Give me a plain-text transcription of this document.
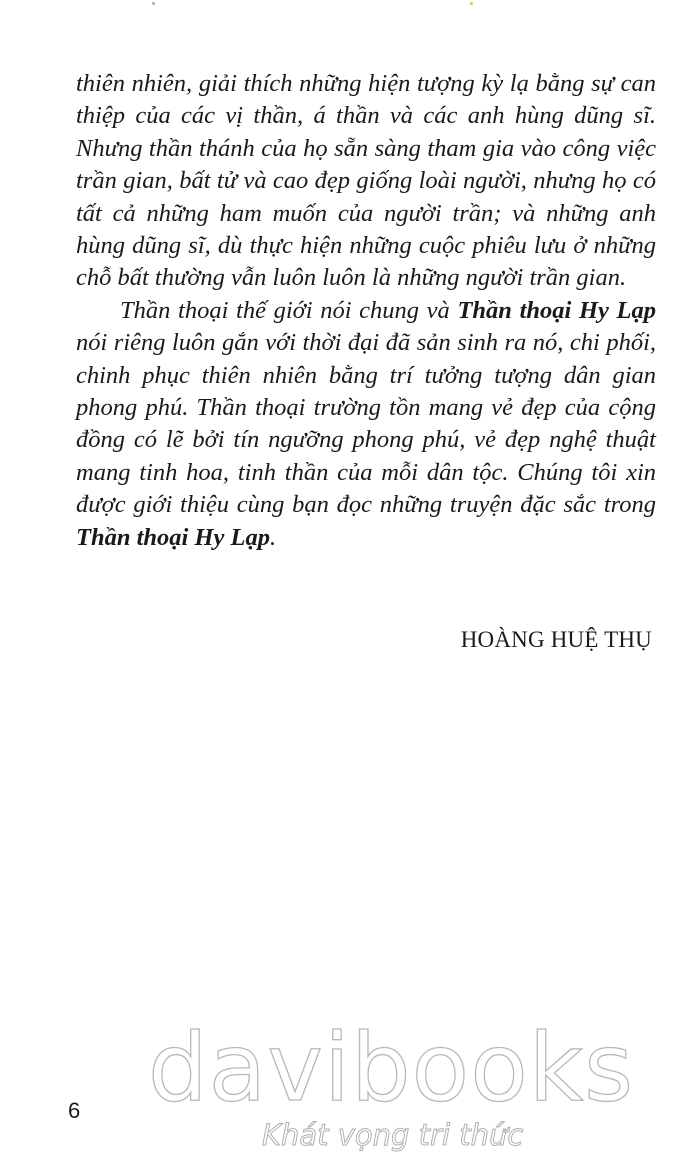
thiên nhiên, giải thích những hiện tượng kỳ lạ bằng sự can thiệp của các vị thần, á thần và các anh hùng dũng sĩ. Nhưng thần thánh của họ sẵn sàng tham gia vào công việc trần gian, bất tử và cao đẹp giống loài người, nhưng họ có tất cả những ham muốn của người trần; và những anh hùng dũng sĩ, dù thực hiện những cuộc phiêu lưu ở những chỗ bất thường vẫn luôn luôn là những người trần gian.

Thần thoại thế giới nói chung và Thần thoại Hy Lạp nói riêng luôn gắn với thời đại đã sản sinh ra nó, chi phối, chinh phục thiên nhiên bằng trí tưởng tượng dân gian phong phú. Thần thoại trường tồn mang vẻ đẹp của cộng đồng có lẽ bởi tín ngưỡng phong phú, vẻ đẹp nghệ thuật mang tinh hoa, tinh thần của mỗi dân tộc. Chúng tôi xin được giới thiệu cùng bạn đọc những truyện đặc sắc trong Thần thoại Hy Lạp.

HOÀNG HUỆ THỤ
davibooks
Khát vọng tri thức
6
